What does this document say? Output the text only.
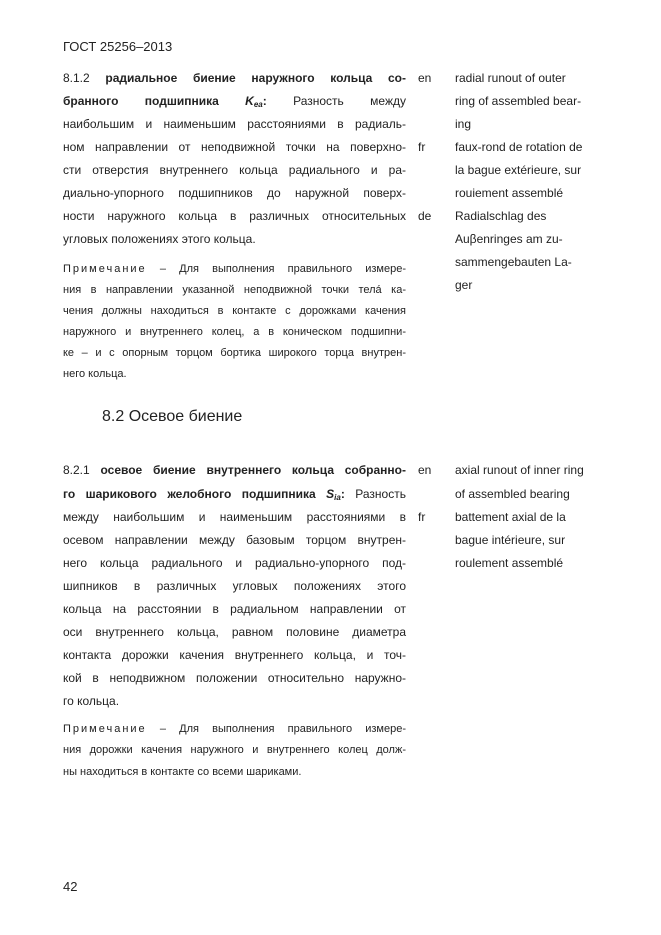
ГОСТ 25256–2013
8.1.2 радиальное биение наружного кольца со-
бранного подшипника $K_{ea}$: Разность между
наибольшим и наименьшим расстояниями в радиаль-
ном направлении от неподвижной точки на поверхно-
сти отверстия внутреннего кольца радиального и ра-
диально-упорного подшипников до наружной поверх-
ности наружного кольца в различных относительных
угловых положениях этого кольца.
Примечание – Для выполнения правильного измере-
ния в направлении указанной неподвижной точки телá ка-
чения должны находиться в контакте с дорожками качения
наружного и внутреннего колец, а в коническом подшипни-
ке – и с опорным торцом бортика широкого торца внутрен-
него кольца.
en
fr
de
radial runout of outer
ring of assembled bear-
ing
faux-rond de rotation de
la bague extérieure, sur
rouiement assemblé
Radialschlag des
Auβenringes am zu-
sammengebauten La-
ger
8.2 Осевое биение
8.2.1 осевое биение внутреннего кольца собранно-
го шарикового желобного подшипника $S_{ia}$: Разность
между наибольшим и наименьшим расстояниями в
осевом направлении между базовым торцом внутрен-
него кольца радиального и радиально-упорного под-
шипников в различных угловых положениях этого
кольца на расстоянии в радиальном направлении от
оси внутреннего кольца, равном половине диаметра
контакта дорожки качения внутреннего кольца, и точ-
кой в неподвижном положении относительно наружно-
го кольца.
Примечание – Для выполнения правильного измере-
ния дорожки качения наружного и внутреннего колец долж-
ны находиться в контакте со всеми шариками.
en
fr
axial runout of inner ring
of assembled bearing
battement axial de la
bague intérieure, sur
roulement assemblé
42
